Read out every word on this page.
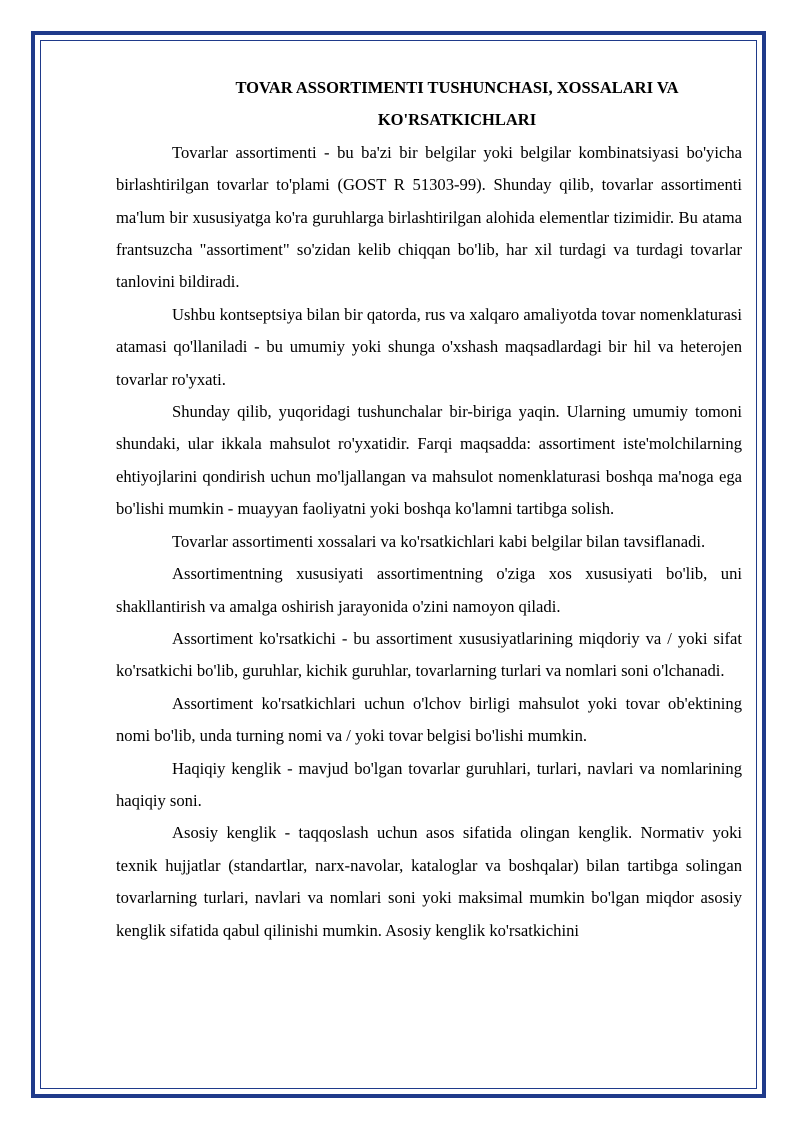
TOVAR ASSORTIMENTI TUSHUNCHASI, XOSSALARI VA KO'RSATKICHLARI

Tovarlar assortimenti - bu ba'zi bir belgilar yoki belgilar kombinatsiyasi bo'yicha birlashtirilgan tovarlar to'plami (GOST R 51303-99). Shunday qilib, tovarlar assortimenti ma'lum bir xususiyatga ko'ra guruhlarga birlashtirilgan alohida elementlar tizimidir. Bu atama frantsuzcha "assortiment" so'zidan kelib chiqqan bo'lib, har xil turdagi va turdagi tovarlar tanlovini bildiradi.

Ushbu kontseptsiya bilan bir qatorda, rus va xalqaro amaliyotda tovar nomenklaturasi atamasi qo'llaniladi - bu umumiy yoki shunga o'xshash maqsadlardagi bir hil va heterojen tovarlar ro'yxati.

Shunday qilib, yuqoridagi tushunchalar bir-biriga yaqin. Ularning umumiy tomoni shundaki, ular ikkala mahsulot ro'yxatidir. Farqi maqsadda: assortiment iste'molchilarning ehtiyojlarini qondirish uchun mo'ljallangan va mahsulot nomenklaturasi boshqa ma'noga ega bo'lishi mumkin - muayyan faoliyatni yoki boshqa ko'lamni tartibga solish.

Tovarlar assortimenti xossalari va ko'rsatkichlari kabi belgilar bilan tavsiflanadi.

Assortimentning xususiyati assortimentning o'ziga xos xususiyati bo'lib, uni shakllantirish va amalga oshirish jarayonida o'zini namoyon qiladi.

Assortiment ko'rsatkichi - bu assortiment xususiyatlarining miqdoriy va / yoki sifat ko'rsatkichi bo'lib, guruhlar, kichik guruhlar, tovarlarning turlari va nomlari soni o'lchanadi.

Assortiment ko'rsatkichlari uchun o'lchov birligi mahsulot yoki tovar ob'ektining nomi bo'lib, unda turning nomi va / yoki tovar belgisi bo'lishi mumkin.

Haqiqiy kenglik - mavjud bo'lgan tovarlar guruhlari, turlari, navlari va nomlarining haqiqiy soni.

Asosiy kenglik - taqqoslash uchun asos sifatida olingan kenglik. Normativ yoki texnik hujjatlar (standartlar, narx-navolar, kataloglar va boshqalar) bilan tartibga solingan tovarlarning turlari, navlari va nomlari soni yoki maksimal mumkin bo'lgan miqdor asosiy kenglik sifatida qabul qilinishi mumkin. Asosiy kenglik ko'rsatkichini
